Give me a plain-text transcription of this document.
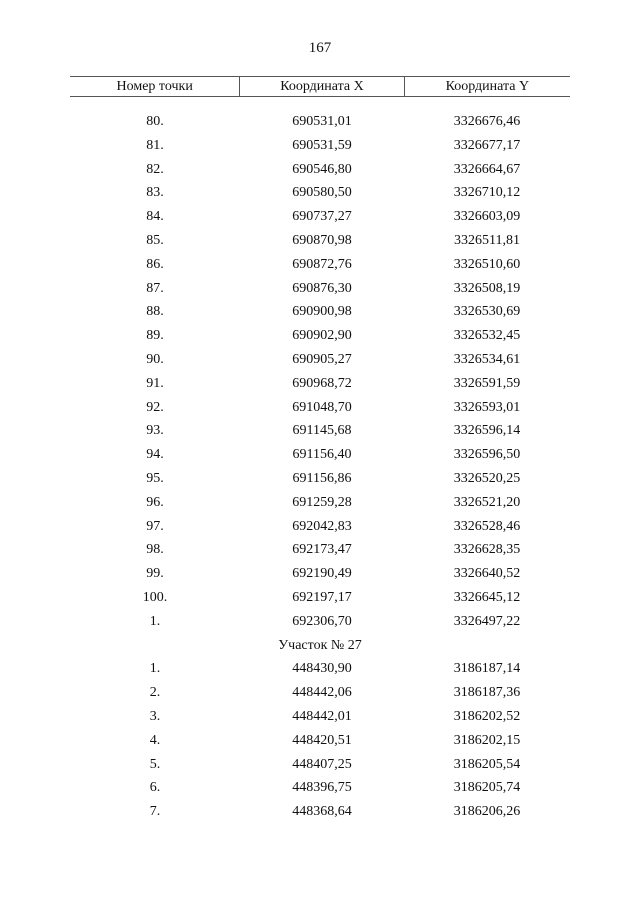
167
Номер точки	Координата X	Координата Y
80.	690531,01	3326676,46
81.	690531,59	3326677,17
82.	690546,80	3326664,67
83.	690580,50	3326710,12
84.	690737,27	3326603,09
85.	690870,98	3326511,81
86.	690872,76	3326510,60
87.	690876,30	3326508,19
88.	690900,98	3326530,69
89.	690902,90	3326532,45
90.	690905,27	3326534,61
91.	690968,72	3326591,59
92.	691048,70	3326593,01
93.	691145,68	3326596,14
94.	691156,40	3326596,50
95.	691156,86	3326520,25
96.	691259,28	3326521,20
97.	692042,83	3326528,46
98.	692173,47	3326628,35
99.	692190,49	3326640,52
100.	692197,17	3326645,12
1.	692306,70	3326497,22
Участок № 27
1.	448430,90	3186187,14
2.	448442,06	3186187,36
3.	448442,01	3186202,52
4.	448420,51	3186202,15
5.	448407,25	3186205,54
6.	448396,75	3186205,74
7.	448368,64	3186206,26
